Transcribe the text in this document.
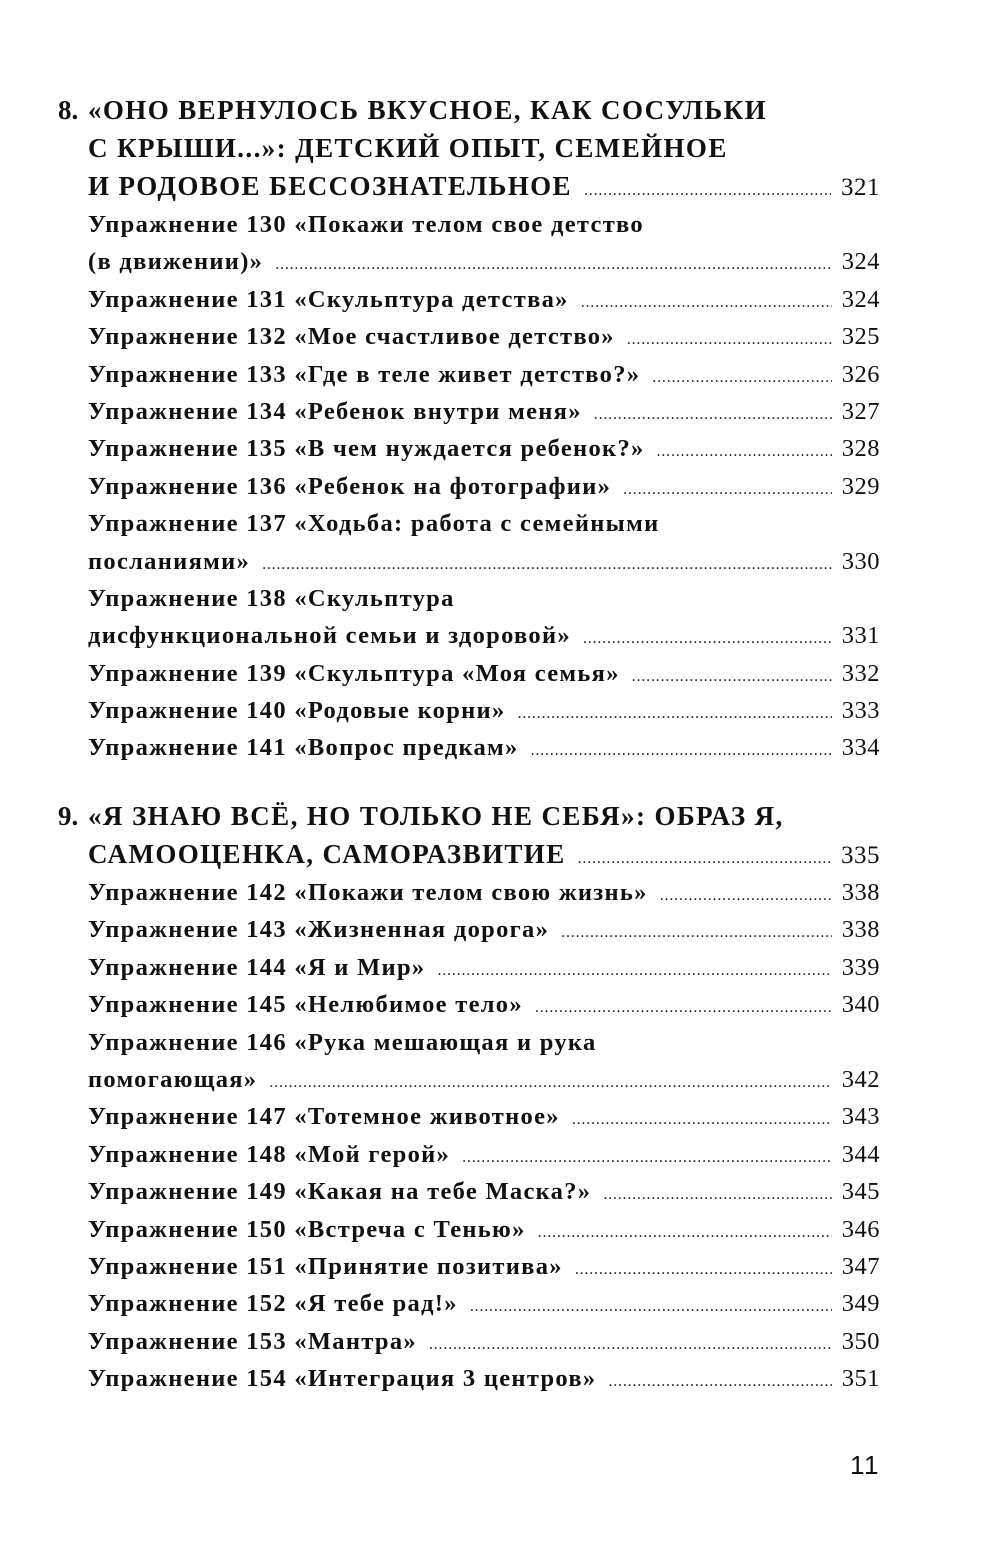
8. «ОНО ВЕРНУЛОСЬ ВКУСНОЕ, КАК СОСУЛЬКИ
С КРЫШИ...»: ДЕТСКИЙ ОПЫТ, СЕМЕЙНОЕ
И РОДОВОЕ БЕССОЗНАТЕЛЬНОЕ . . .	321
Упражнение 130 «Покажи телом свое детство
(в движении)» . . .	324
Упражнение 131 «Скульптура детства» . . .	324
Упражнение 132 «Мое счастливое детство» . . .	325
Упражнение 133 «Где в теле живет детство?» . . .	326
Упражнение 134 «Ребенок внутри меня» . . .	327
Упражнение 135 «В чем нуждается ребенок?» . . .	328
Упражнение 136 «Ребенок на фотографии» . . .	329
Упражнение 137 «Ходьба: работа с семейными
посланиями» . . .	330
Упражнение 138 «Скульптура
дисфункциональной семьи и здоровой» . . .	331
Упражнение 139 «Скульптура «Моя семья» . . .	332
Упражнение 140 «Родовые корни» . . .	333
Упражнение 141 «Вопрос предкам» . . .	334
9. «Я ЗНАЮ ВСЁ, НО ТОЛЬКО НЕ СЕБЯ»: ОБРАЗ Я,
САМООЦЕНКА, САМОРАЗВИТИЕ . . .	335
Упражнение 142 «Покажи телом свою жизнь» . . .	338
Упражнение 143 «Жизненная дорога» . . .	338
Упражнение 144 «Я и Мир» . . .	339
Упражнение 145 «Нелюбимое тело» . . .	340
Упражнение 146 «Рука мешающая и рука
помогающая» . . .	342
Упражнение 147 «Тотемное животное» . . .	343
Упражнение 148 «Мой герой» . . .	344
Упражнение 149 «Какая на тебе Маска?» . . .	345
Упражнение 150 «Встреча с Тенью» . . .	346
Упражнение 151 «Принятие позитива» . . .	347
Упражнение 152 «Я тебе рад!» . . .	349
Упражнение 153 «Мантра» . . .	350
Упражнение 154 «Интеграция 3 центров» . . .	351
11
